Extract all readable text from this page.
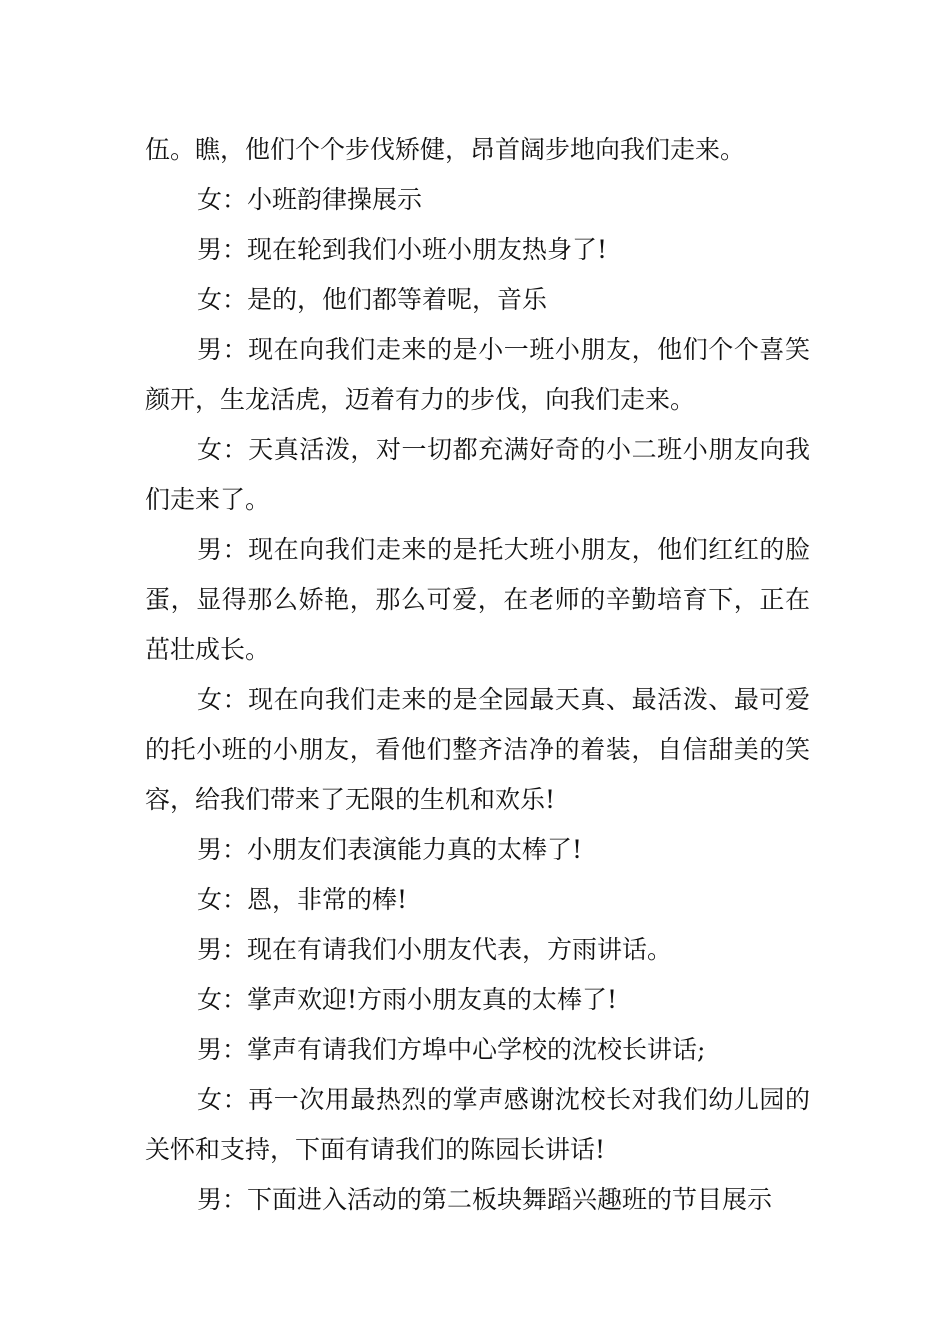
伍。瞧，他们个个步伐矫健，昂首阔步地向我们走来。

女：小班韵律操展示

男：现在轮到我们小班小朋友热身了!

女：是的，他们都等着呢，音乐

男：现在向我们走来的是小一班小朋友，他们个个喜笑颜开，生龙活虎，迈着有力的步伐，向我们走来。

女：天真活泼，对一切都充满好奇的小二班小朋友向我们走来了。

男：现在向我们走来的是托大班小朋友，他们红红的脸蛋，显得那么娇艳，那么可爱，在老师的辛勤培育下，正在茁壮成长。

女：现在向我们走来的是全园最天真、最活泼、最可爱的托小班的小朋友，看他们整齐洁净的着装，自信甜美的笑容，给我们带来了无限的生机和欢乐!

男：小朋友们表演能力真的太棒了!

女：恩，非常的棒!

男：现在有请我们小朋友代表，方雨讲话。

女：掌声欢迎!方雨小朋友真的太棒了!

男：掌声有请我们方埠中心学校的沈校长讲话;

女：再一次用最热烈的掌声感谢沈校长对我们幼儿园的关怀和支持，下面有请我们的陈园长讲话!

男：下面进入活动的第二板块舞蹈兴趣班的节目展示
